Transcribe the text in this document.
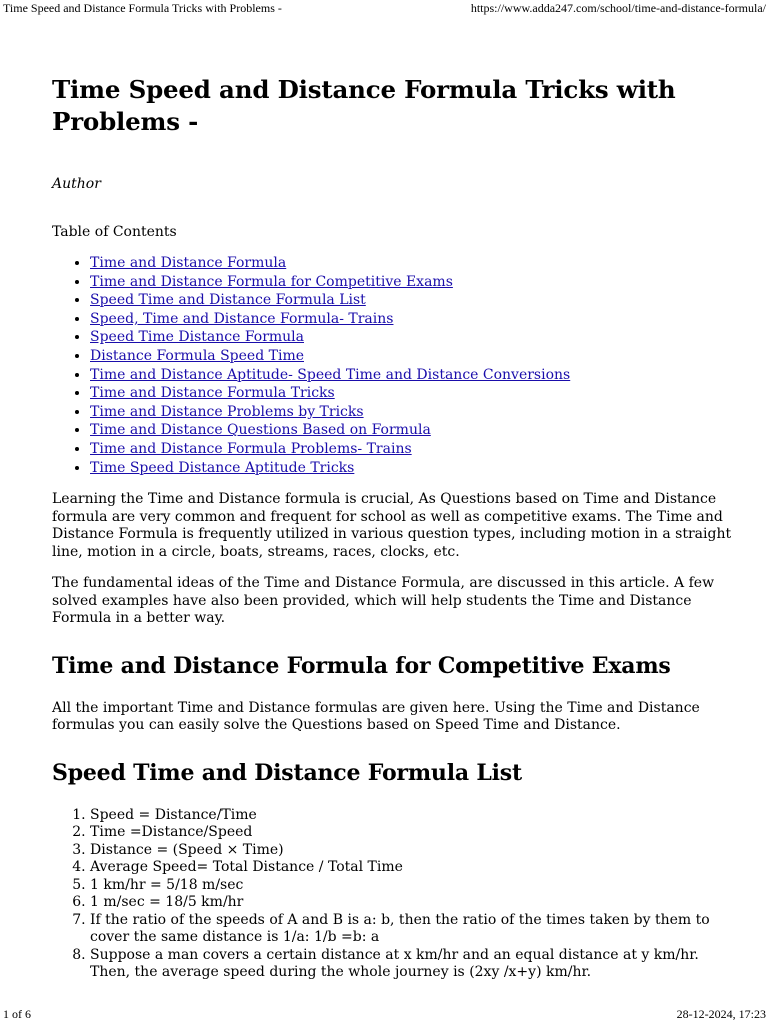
Time Speed and Distance Formula Tricks with Problems -	https://www.adda247.com/school/time-and-distance-formula/
Time Speed and Distance Formula Tricks with Problems -
Author
Table of Contents
• Time and Distance Formula
• Time and Distance Formula for Competitive Exams
• Speed Time and Distance Formula List
• Speed, Time and Distance Formula- Trains
• Speed Time Distance Formula
• Distance Formula Speed Time
• Time and Distance Aptitude- Speed Time and Distance Conversions
• Time and Distance Formula Tricks
• Time and Distance Problems by Tricks
• Time and Distance Questions Based on Formula
• Time and Distance Formula Problems- Trains
• Time Speed Distance Aptitude Tricks

Learning the Time and Distance formula is crucial, As Questions based on Time and Distance formula are very common and frequent for school as well as competitive exams. The Time and Distance Formula is frequently utilized in various question types, including motion in a straight line, motion in a circle, boats, streams, races, clocks, etc.

The fundamental ideas of the Time and Distance Formula, are discussed in this article. A few solved examples have also been provided, which will help students the Time and Distance Formula in a better way.

Time and Distance Formula for Competitive Exams

All the important Time and Distance formulas are given here. Using the Time and Distance formulas you can easily solve the Questions based on Speed Time and Distance.

Speed Time and Distance Formula List
1. Speed = Distance/Time
2. Time =Distance/Speed
3. Distance = (Speed × Time)
4. Average Speed= Total Distance / Total Time
5. 1 km/hr = 5/18 m/sec
6. 1 m/sec = 18/5 km/hr
7. If the ratio of the speeds of A and B is a: b, then the ratio of the times taken by them to cover the same distance is 1/a: 1/b =b: a
8. Suppose a man covers a certain distance at x km/hr and an equal distance at y km/hr. Then, the average speed during the whole journey is (2xy /x+y) km/hr.
1 of 6	28-12-2024, 17:23
